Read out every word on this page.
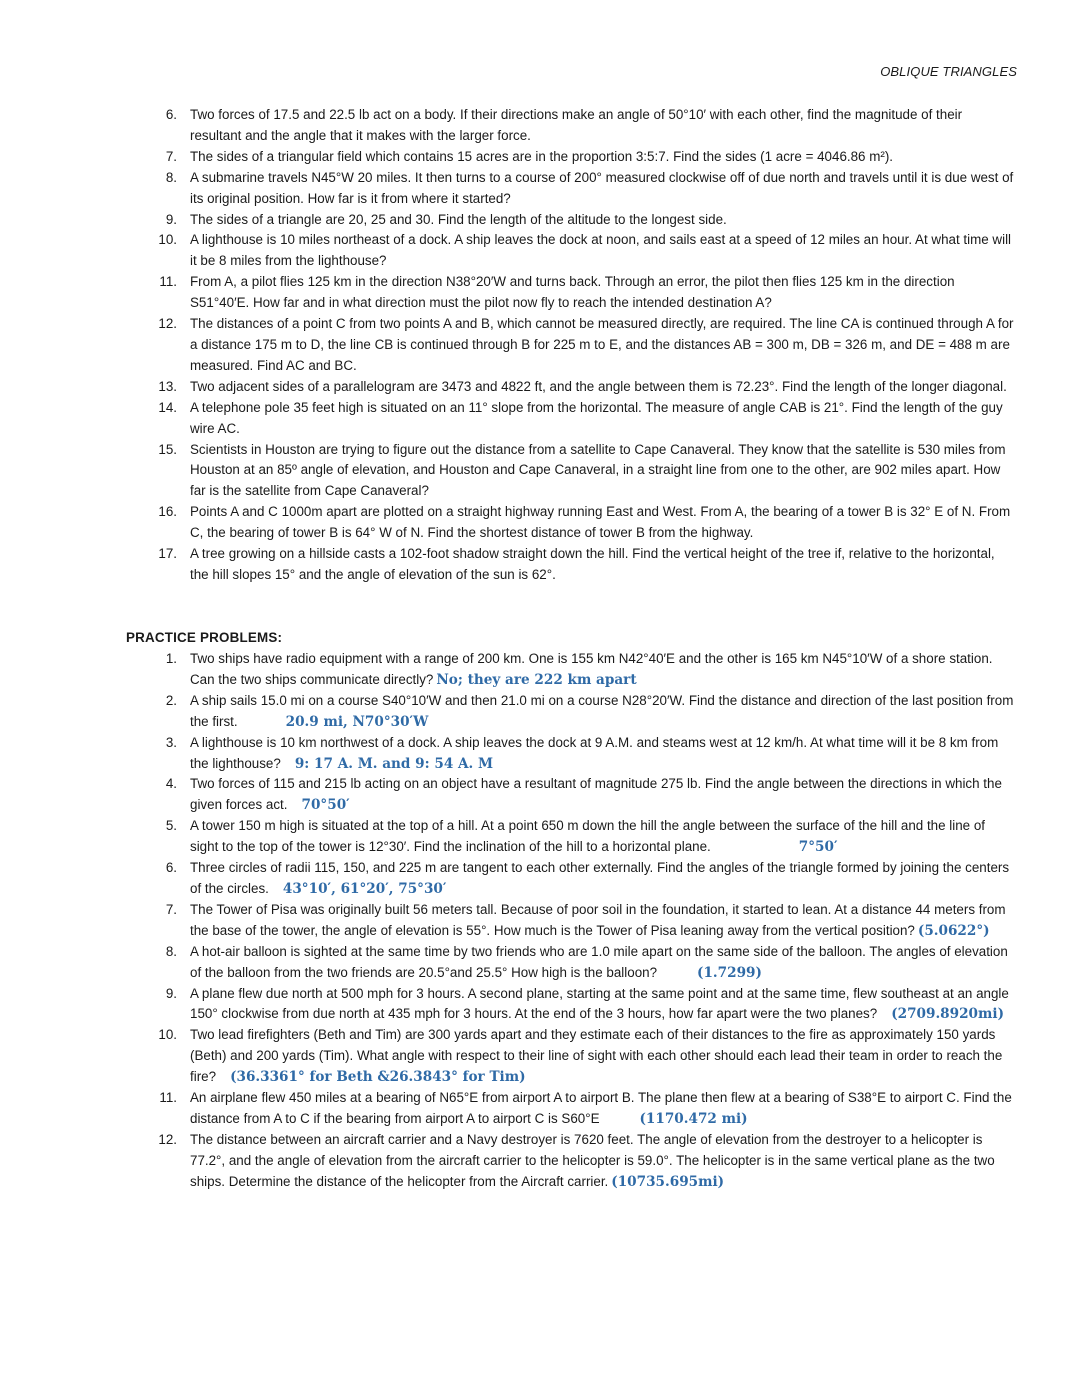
OBLIQUE TRIANGLES
6. Two forces of 17.5 and 22.5 lb act on a body. If their directions make an angle of 50°10′ with each other, find the magnitude of their resultant and the angle that it makes with the larger force.
7. The sides of a triangular field which contains 15 acres are in the proportion 3:5:7. Find the sides (1 acre = 4046.86 m²).
8. A submarine travels N45°W 20 miles. It then turns to a course of 200° measured clockwise off of due north and travels until it is due west of its original position. How far is it from where it started?
9. The sides of a triangle are 20, 25 and 30. Find the length of the altitude to the longest side.
10. A lighthouse is 10 miles northeast of a dock. A ship leaves the dock at noon, and sails east at a speed of 12 miles an hour. At what time will it be 8 miles from the lighthouse?
11. From A, a pilot flies 125 km in the direction N38°20′W and turns back. Through an error, the pilot then flies 125 km in the direction S51°40′E. How far and in what direction must the pilot now fly to reach the intended destination A?
12. The distances of a point C from two points A and B, which cannot be measured directly, are required. The line CA is continued through A for a distance 175 m to D, the line CB is continued through B for 225 m to E, and the distances AB = 300 m, DB = 326 m, and DE = 488 m are measured. Find AC and BC.
13. Two adjacent sides of a parallelogram are 3473 and 4822 ft, and the angle between them is 72.23°. Find the length of the longer diagonal.
14. A telephone pole 35 feet high is situated on an 11° slope from the horizontal. The measure of angle CAB is 21°. Find the length of the guy wire AC.
15. Scientists in Houston are trying to figure out the distance from a satellite to Cape Canaveral. They know that the satellite is 530 miles from Houston at an 85º angle of elevation, and Houston and Cape Canaveral, in a straight line from one to the other, are 902 miles apart. How far is the satellite from Cape Canaveral?
16. Points A and C 1000m apart are plotted on a straight highway running East and West. From A, the bearing of a tower B is 32° E of N. From C, the bearing of tower B is 64° W of N. Find the shortest distance of tower B from the highway.
17. A tree growing on a hillside casts a 102-foot shadow straight down the hill. Find the vertical height of the tree if, relative to the horizontal, the hill slopes 15° and the angle of elevation of the sun is 62°.
PRACTICE PROBLEMS:
1. Two ships have radio equipment with a range of 200 km. One is 155 km N42°40′E and the other is 165 km N45°10′W of a shore station. Can the two ships communicate directly? No; they are 222 km apart
2. A ship sails 15.0 mi on a course S40°10′W and then 21.0 mi on a course N28°20′W. Find the distance and direction of the last position from the first.	20.9 mi, N70°30′W
3. A lighthouse is 10 km northwest of a dock. A ship leaves the dock at 9 A.M. and steams west at 12 km/h. At what time will it be 8 km from the lighthouse? 9: 17 A. M. and 9: 54 A. M
4. Two forces of 115 and 215 lb acting on an object have a resultant of magnitude 275 lb. Find the angle between the directions in which the given forces act. 70°50′
5. A tower 150 m high is situated at the top of a hill. At a point 650 m down the hill the angle between the surface of the hill and the line of sight to the top of the tower is 12°30′. Find the inclination of the hill to a horizontal plane.	7°50′
6. Three circles of radii 115, 150, and 225 m are tangent to each other externally. Find the angles of the triangle formed by joining the centers of the circles. 43°10′, 61°20′, 75°30′
7. The Tower of Pisa was originally built 56 meters tall. Because of poor soil in the foundation, it started to lean. At a distance 44 meters from the base of the tower, the angle of elevation is 55°. How much is the Tower of Pisa leaning away from the vertical position? (5.0622°)
8. A hot-air balloon is sighted at the same time by two friends who are 1.0 mile apart on the same side of the balloon. The angles of elevation of the balloon from the two friends are 20.5°and 25.5° How high is the balloon?	(1.7299)
9. A plane flew due north at 500 mph for 3 hours. A second plane, starting at the same point and at the same time, flew southeast at an angle 150° clockwise from due north at 435 mph for 3 hours. At the end of the 3 hours, how far apart were the two planes? (2709.8920mi)
10. Two lead firefighters (Beth and Tim) are 300 yards apart and they estimate each of their distances to the fire as approximately 150 yards (Beth) and 200 yards (Tim). What angle with respect to their line of sight with each other should each lead their team in order to reach the fire? (36.3361° for Beth &26.3843° for Tim)
11. An airplane flew 450 miles at a bearing of N65°E from airport A to airport B. The plane then flew at a bearing of S38°E to airport C. Find the distance from A to C if the bearing from airport A to airport C is S60°E	(1170.472 mi)
12. The distance between an aircraft carrier and a Navy destroyer is 7620 feet. The angle of elevation from the destroyer to a helicopter is 77.2°, and the angle of elevation from the aircraft carrier to the helicopter is 59.0°. The helicopter is in the same vertical plane as the two ships. Determine the distance of the helicopter from the Aircraft carrier. (10735.695mi)
